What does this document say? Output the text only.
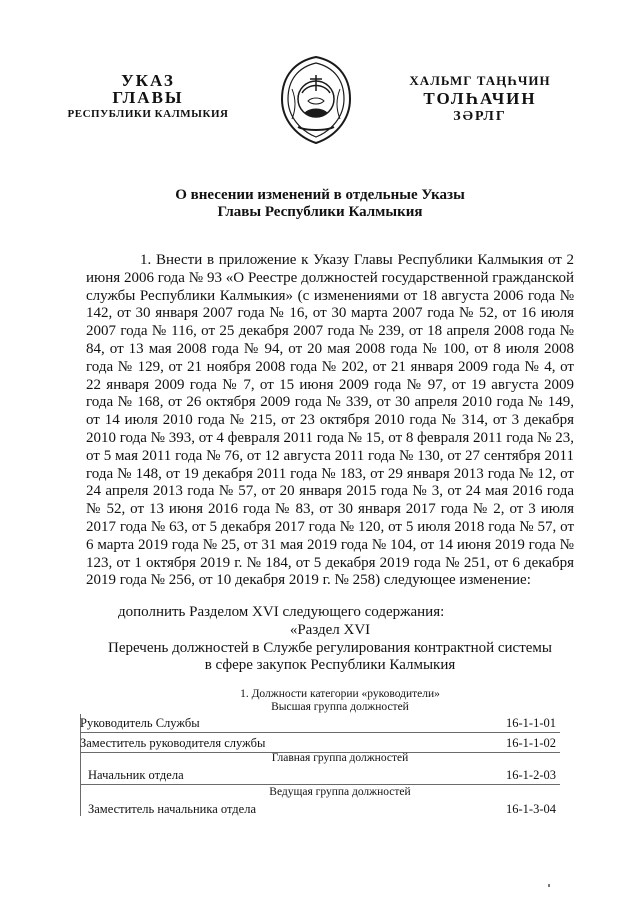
УКАЗ
ГЛАВЫ
РЕСПУБЛИКИ КАЛМЫКИЯ
ХАЛЬМГ ТАҢҺЧИН
ТОЛҺАЧИН
ЗӘРЛГ
О внесении изменений в отдельные Указы
Главы Республики Калмыкия

1. Внести в приложение к Указу Главы Республики Калмыкия от 2 июня 2006 года № 93 «О Реестре должностей государственной гражданской службы Республики Калмыкия» (с изменениями от 18 августа 2006 года № 142, от 30 января 2007 года № 16, от 30 марта 2007 года № 52, от 16 июля 2007 года № 116, от 25 декабря 2007 года № 239, от 18 апреля 2008 года № 84, от 13 мая 2008 года № 94, от 20 мая 2008 года № 100, от 8 июля 2008 года № 129, от 21 ноября 2008 года № 202, от 21 января 2009 года № 4, от 22 января 2009 года № 7, от 15 июня 2009 года № 97, от 19 августа 2009 года № 168, от 26 октября 2009 года № 339, от 30 апреля 2010 года № 149, от 14 июля 2010 года № 215, от 23 октября 2010 года № 314, от 3 декабря 2010 года № 393, от 4 февраля 2011 года № 15, от 8 февраля 2011 года № 23, от 5 мая 2011 года № 76, от 12 августа 2011 года № 130, от 27 сентября 2011 года № 148, от 19 декабря 2011 года № 183, от 29 января 2013 года № 12, от 24 апреля 2013 года № 57, от 20 января 2015 года № 3, от 24 мая 2016 года № 52, от 13 июня 2016 года № 83, от 30 января 2017 года № 2, от 3 июля 2017 года № 63, от 5 декабря 2017 года № 120, от 5 июля 2018 года № 57, от 6 марта 2019 года № 25, от 31 мая 2019 года № 104, от 14 июня 2019 года № 123, от 1 октября 2019 г. № 184, от 5 декабря 2019 года № 251, от 6 декабря 2019 года № 256, от 10 декабря 2019 г. № 258) следующее изменение:

дополнить Разделом XVI следующего содержания:

«Раздел XVI
Перечень должностей в Службе регулирования контрактной системы
в сфере закупок Республики Калмыкия
1. Должности категории «руководители»
Высшая группа должностей
Руководитель Службы	16-1-1-01
Заместитель руководителя службы	16-1-1-02
Главная группа должностей
Начальник отдела	16-1-2-03
Ведущая группа должностей
Заместитель начальника отдела	16-1-3-04
